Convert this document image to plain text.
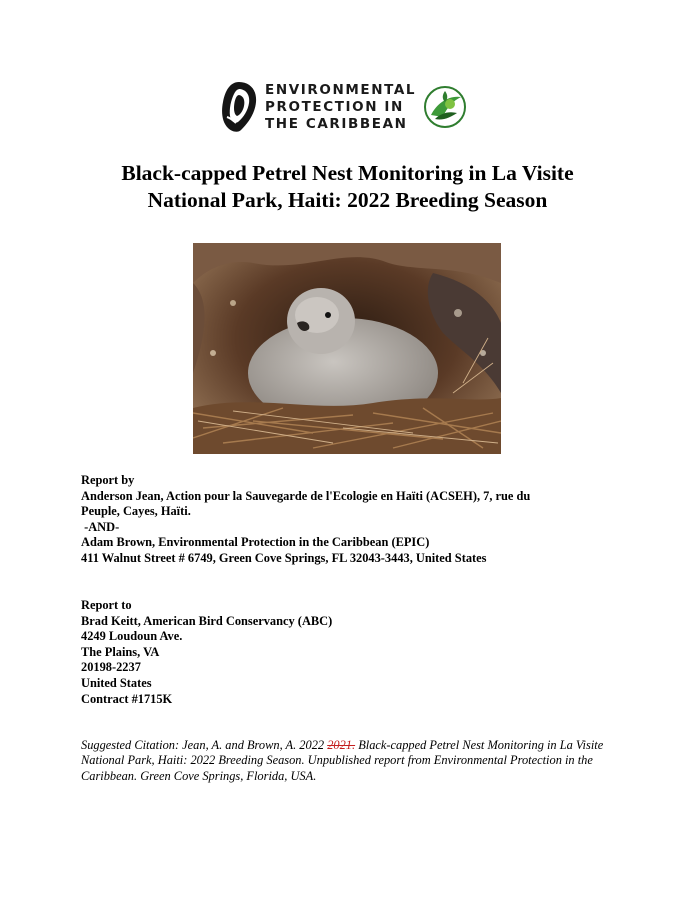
ENVIRONMENTAL
PROTECTION IN
THE CARIBBEAN
Black-capped Petrel Nest Monitoring in La Visite
National Park, Haiti: 2022 Breeding Season
Report by
Anderson Jean, Action pour la Sauvegarde de l'Ecologie en Haïti (ACSEH), 7, rue du
Peuple, Cayes, Haïti.
-AND-
Adam Brown, Environmental Protection in the Caribbean (EPIC)
411 Walnut Street # 6749, Green Cove Springs, FL 32043-3443, United States
Report to
Brad Keitt, American Bird Conservancy (ABC)
4249 Loudoun Ave.
The Plains, VA
20198-2237
United States
Contract #1715K

Suggested Citation: Jean, A. and Brown, A. 2022 2021. Black-capped Petrel Nest Monitoring in La Visite National Park, Haiti: 2022 Breeding Season. Unpublished report from Environmental Protection in the Caribbean. Green Cove Springs, Florida, USA.
